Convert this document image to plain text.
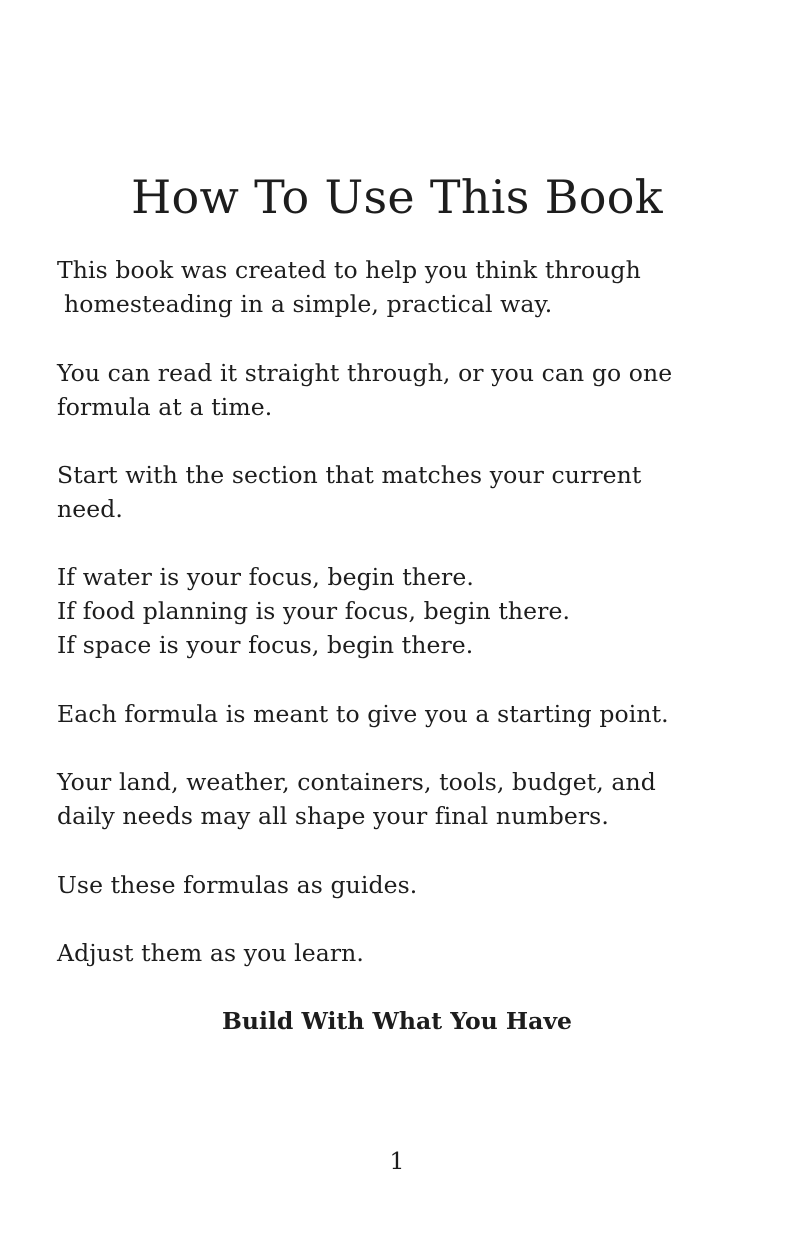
How To Use This Book

This book was created to help you think through
homesteading in a simple, practical way.

You can read it straight through, or you can go one
formula at a time.

Start with the section that matches your current
need.

If water is your focus, begin there.
If food planning is your focus, begin there.
If space is your focus, begin there.

Each formula is meant to give you a starting point.

Your land, weather, containers, tools, budget, and
daily needs may all shape your final numbers.

Use these formulas as guides.

Adjust them as you learn.

Build With What You Have
1
